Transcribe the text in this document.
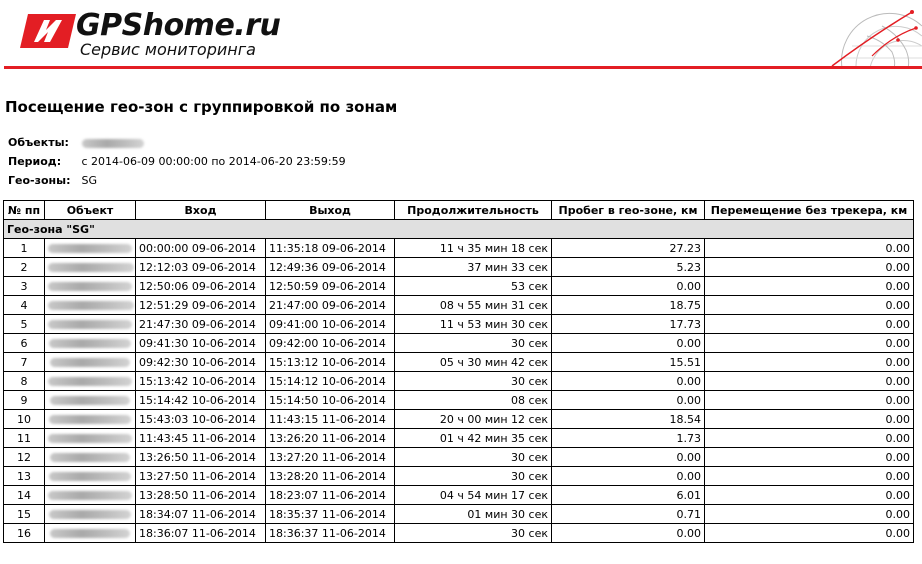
GPShome.ru
Сервис мониторинга
Посещение гео-зон с группировкой по зонам
Объекты:
Период: с 2014-06-09 00:00:00 по 2014-06-20 23:59:59
Гео-зоны: SG
№ пп	Объект	Вход	Выход	Продолжительность	Пробег в гео-зоне, км	Перемещение без трекера, км
Гео-зона "SG"						
1		00:00:00 09-06-2014	11:35:18 09-06-2014	11 ч 35 мин 18 сек	27.23	0.00
2		12:12:03 09-06-2014	12:49:36 09-06-2014	37 мин 33 сек	5.23	0.00
3		12:50:06 09-06-2014	12:50:59 09-06-2014	53 сек	0.00	0.00
4		12:51:29 09-06-2014	21:47:00 09-06-2014	08 ч 55 мин 31 сек	18.75	0.00
5		21:47:30 09-06-2014	09:41:00 10-06-2014	11 ч 53 мин 30 сек	17.73	0.00
6		09:41:30 10-06-2014	09:42:00 10-06-2014	30 сек	0.00	0.00
7		09:42:30 10-06-2014	15:13:12 10-06-2014	05 ч 30 мин 42 сек	15.51	0.00
8		15:13:42 10-06-2014	15:14:12 10-06-2014	30 сек	0.00	0.00
9		15:14:42 10-06-2014	15:14:50 10-06-2014	08 сек	0.00	0.00
10		15:43:03 10-06-2014	11:43:15 11-06-2014	20 ч 00 мин 12 сек	18.54	0.00
11		11:43:45 11-06-2014	13:26:20 11-06-2014	01 ч 42 мин 35 сек	1.73	0.00
12		13:26:50 11-06-2014	13:27:20 11-06-2014	30 сек	0.00	0.00
13		13:27:50 11-06-2014	13:28:20 11-06-2014	30 сек	0.00	0.00
14		13:28:50 11-06-2014	18:23:07 11-06-2014	04 ч 54 мин 17 сек	6.01	0.00
15		18:34:07 11-06-2014	18:35:37 11-06-2014	01 мин 30 сек	0.71	0.00
16		18:36:07 11-06-2014	18:36:37 11-06-2014	30 сек	0.00	0.00
